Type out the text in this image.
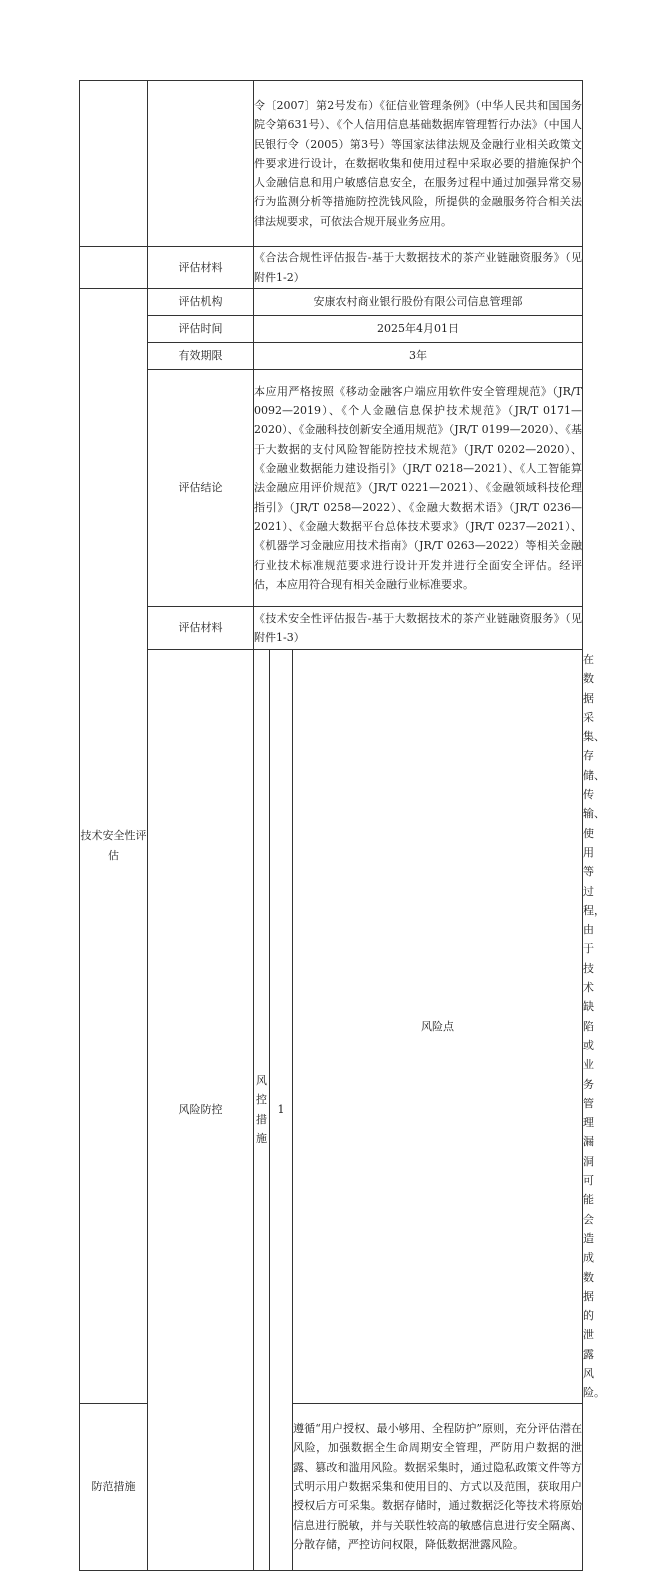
		令〔2007〕第2号发布）《征信业管理条例》（中华人民共和国国务院令第631号）、《个人信用信息基础数据库管理暂行办法》（中国人民银行令（2005）第3号）等国家法律法规及金融行业相关政策文件要求进行设计，在数据收集和使用过程中采取必要的措施保护个人金融信息和用户敏感信息安全，在服务过程中通过加强异常交易行为监测分析等措施防控洗钱风险，所提供的金融服务符合相关法律法规要求，可依法合规开展业务应用。			
	评估材料	《合法合规性评估报告-基于大数据技术的茶产业链融资服务》（见附件1-2）			
技术安全性评估	评估机构	安康农村商业银行股份有限公司信息管理部			
	评估时间	2025年4月01日			
	有效期限	3年			
	评估结论	本应用严格按照《移动金融客户端应用软件安全管理规范》（JR/T 0092—2019）、《个人金融信息保护技术规范》（JR/T 0171—2020）、《金融科技创新安全通用规范》（JR/T 0199—2020）、《基于大数据的支付风险智能防控技术规范》（JR/T 0202—2020）、《金融业数据能力建设指引》（JR/T 0218—2021）、《人工智能算法金融应用评价规范》（JR/T 0221—2021）、《金融领域科技伦理指引》（JR/T 0258—2022）、《金融大数据术语》（JR/T 0236—2021）、《金融大数据平台总体技术要求》（JR/T 0237—2021）、《机器学习金融应用技术指南》（JR/T 0263—2022）等相关金融行业技术标准规范要求进行设计开发并进行全面安全评估。经评估，本应用符合现有相关金融行业标准要求。			
	评估材料	《技术安全性评估报告-基于大数据技术的茶产业链融资服务》（见附件1-3）			
	风险防控	风控措施	1	风险点	在数据采集、存储、传输、使用等过程，由于技术缺陷或业务管理漏洞可能会造成数据的泄露风险。
防范措施				遵循“用户授权、最小够用、全程防护”原则，充分评估潜在风险，加强数据全生命周期安全管理，严防用户数据的泄露、篡改和滥用风险。数据采集时，通过隐私政策文件等方式明示用户数据采集和使用目的、方式以及范围，获取用户授权后方可采集。数据存储时，通过数据泛化等技术将原始信息进行脱敏，并与关联性较高的敏感信息进行安全隔离、分散存储，严控访问权限，降低数据泄露风险。	
